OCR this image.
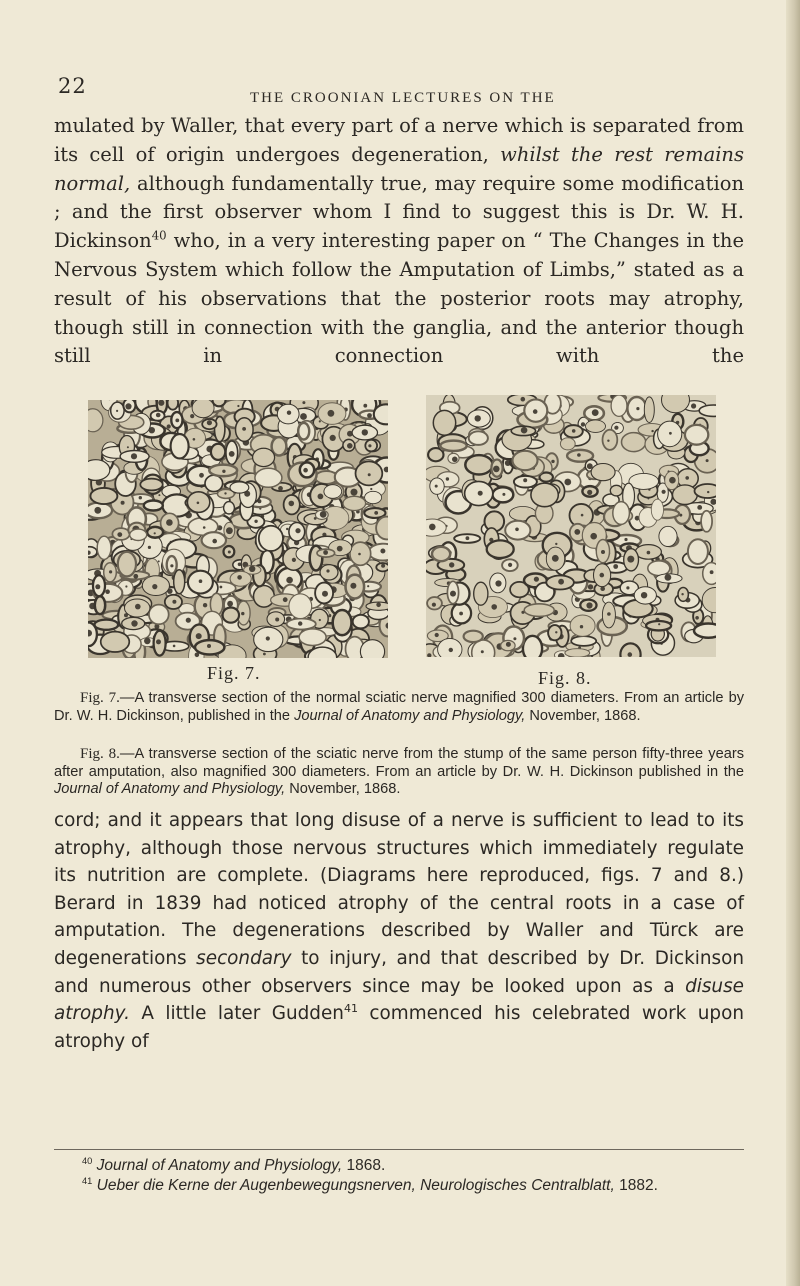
22	THE CROONIAN LECTURES ON THE

mulated by Waller, that every part of a nerve which is separated from its cell of origin undergoes degeneration, whilst the rest remains normal, although fundamentally true, may require some modification ; and the first observer whom I find to suggest this is Dr. W. H. Dickinson$^{40}$ who, in a very interesting paper on “ The Changes in the Nervous System which follow the Amputation of Limbs,” stated as a result of his observations that the posterior roots may atrophy, though still in connection with the ganglia, and the anterior though still in connection with the

Fig. 7.	Fig. 8.

Fig. 7.—A transverse section of the normal sciatic nerve magnified 300 diameters. From an article by Dr. W. H. Dickinson, published in the Journal of Anatomy and Physiology, November, 1868.

Fig. 8.—A transverse section of the sciatic nerve from the stump of the same person fifty-three years after amputation, also magnified 300 diameters. From an article by Dr. W. H. Dickinson published in the Journal of Anatomy and Physiology, November, 1868.

cord; and it appears that long disuse of a nerve is sufficient to lead to its atrophy, although those nervous structures which immediately regulate its nutrition are complete. (Diagrams here reproduced, figs. 7 and 8.) Berard in 1839 had noticed atrophy of the central roots in a case of amputation. The degenerations described by Waller and Türck are degenerations secondary to injury, and that described by Dr. Dickinson and numerous other observers since may be looked upon as a disuse atrophy. A little later Gudden$^{41}$ commenced his celebrated work upon atrophy of

$^{40}$ Journal of Anatomy and Physiology, 1868.

$^{41}$ Ueber die Kerne der Augenbewegungsnerven, Neurologisches Centralblatt, 1882.
